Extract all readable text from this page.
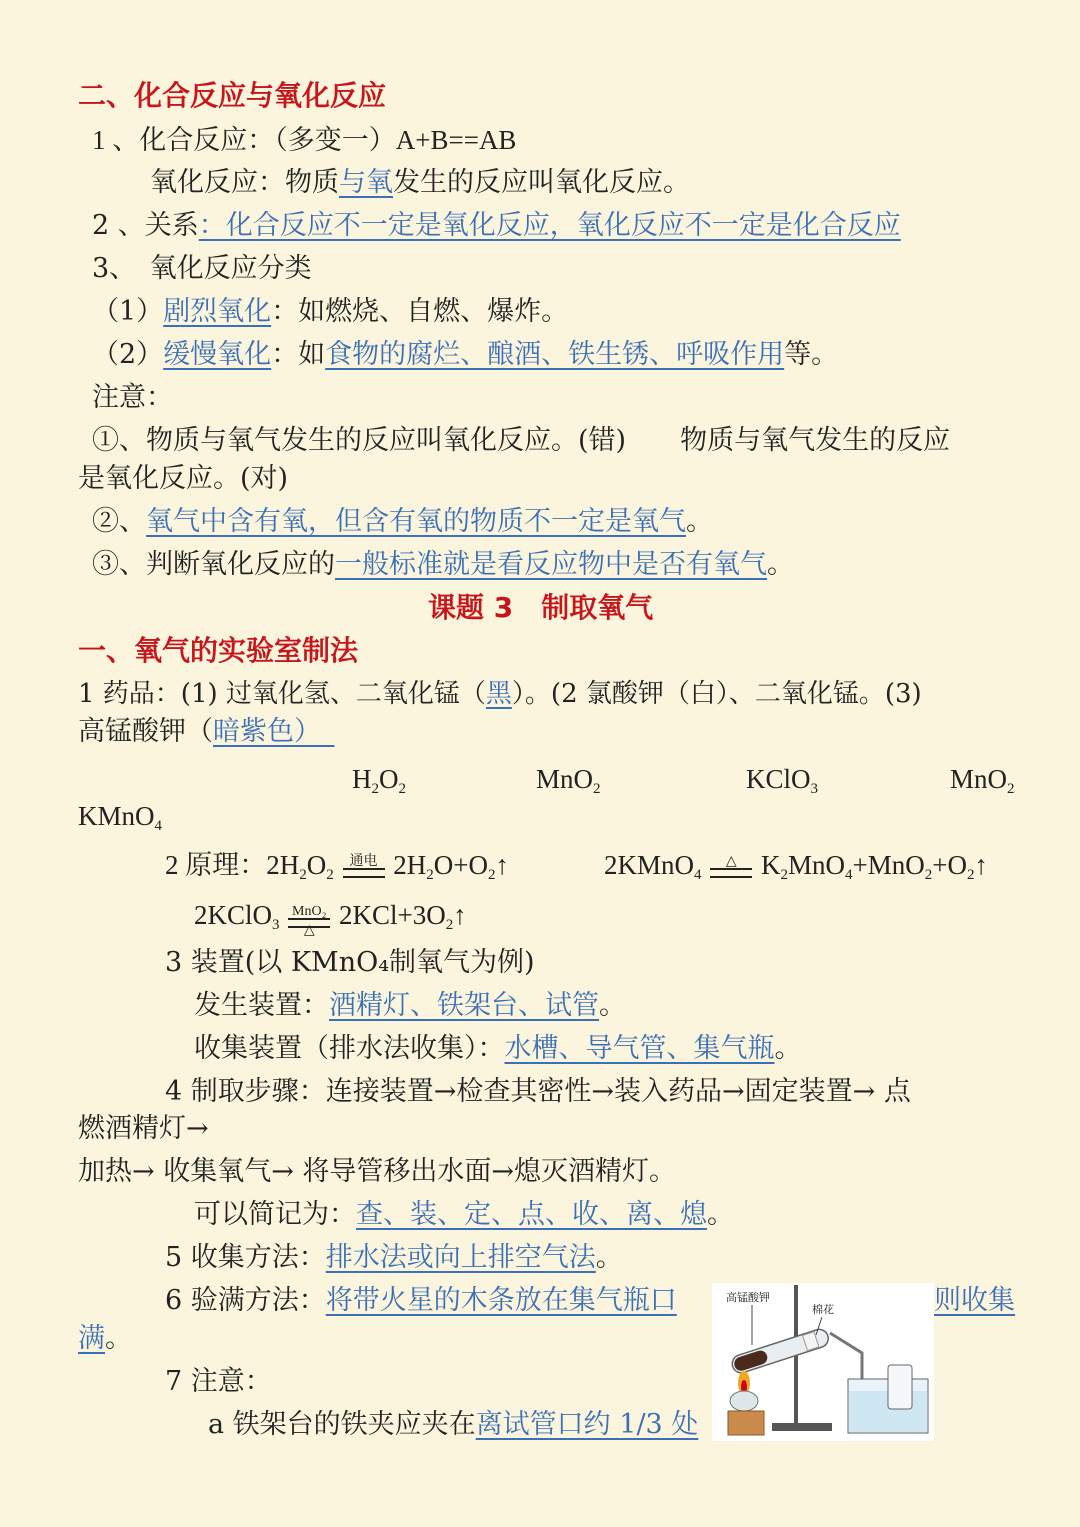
二、化合反应与氧化反应
1 、化合反应：（多变一）A+B==AB
氧化反应：物质与氧发生的反应叫氧化反应。
2 、关系：化合反应不一定是氧化反应，氧化反应不一定是化合反应
3、　氧化反应分类
（1）剧烈氧化：如燃烧、自燃、爆炸。
（2）缓慢氧化：如食物的腐烂、酿酒、铁生锈、呼吸作用等。
注意：
①、物质与氧气发生的反应叫氧化反应。(错)　　物质与氧气发生的反应
是氧化反应。(对)
②、氧气中含有氧，但含有氧的物质不一定是氧气。
③、判断氧化反应的一般标准就是看反应物中是否有氧气。
课题 3　制取氧气
一、氧气的实验室制法
1 药品：(1) 过氧化氢、二氧化锰（黑）。(2 氯酸钾（白）、二氧化锰。(3)
高锰酸钾（暗紫色）　
$H_2O_2$	MnO$_2$	KClO$_3$	MnO$_2$
KMnO$_4$
2 原理：$2H_2O_2$
通电 $2H_2O+O_2↑$	2KMnO$_4$
△ $K_2MnO_4+MnO_2+O_2↑$
2KClO$_3$
MnO₂
△
$2KCl+3O_2↑$
3 装置(以 KMnO₄制氧气为例)
发生装置：酒精灯、铁架台、试管。
收集装置（排水法收集）：水槽、导气管、集气瓶。
4 制取步骤：连接装置→检查其密性→装入药品→固定装置→ 点
燃酒精灯→
加热→ 收集氧气→ 将导管移出水面→熄灭酒精灯。
可以简记为：查、装、定、点、收、离、熄。
5 收集方法：排水法或向上排空气法。
6 验满方法：将带火星的木条放在集气瓶口	则收集
满。
7 注意：
a 铁架台的铁夹应夹在离试管口约 1/3 处
高锰酸钾
棉花
